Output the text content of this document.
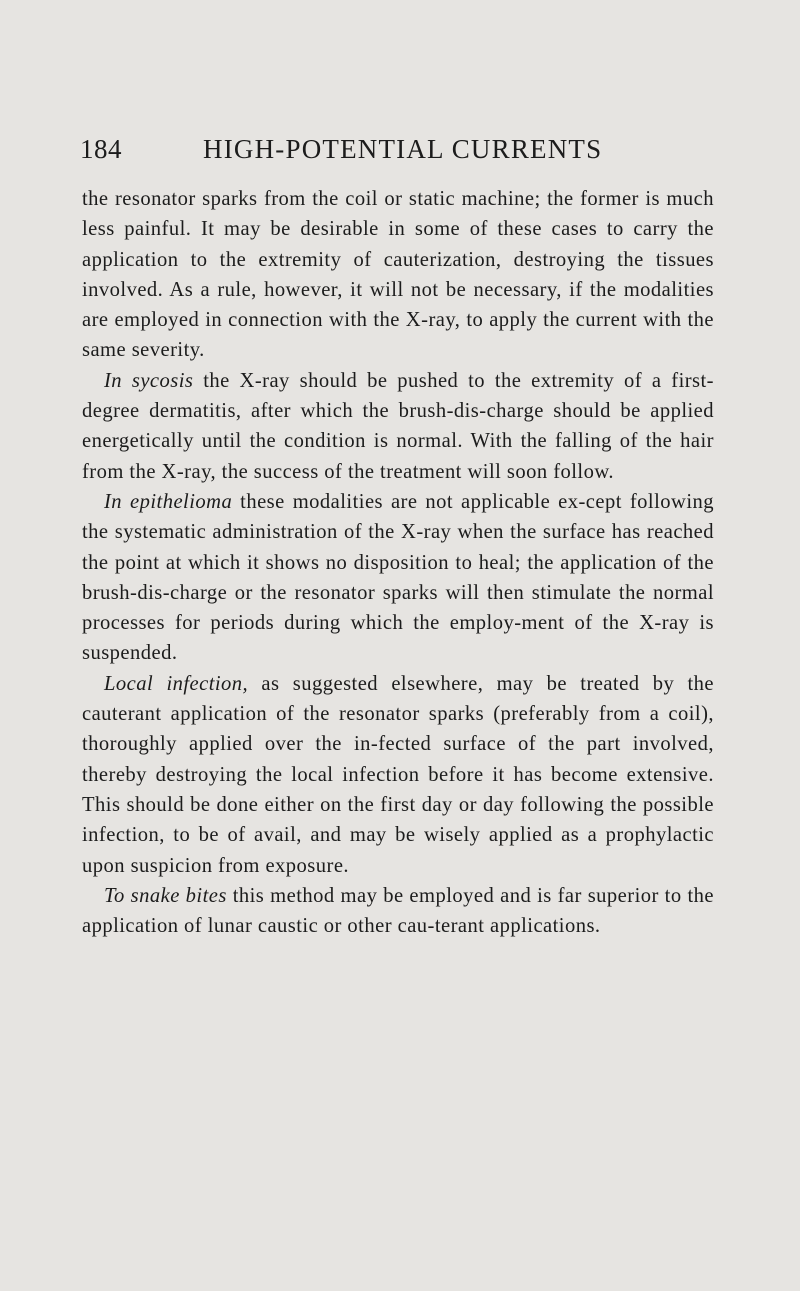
184	HIGH-POTENTIAL CURRENTS

the resonator sparks from the coil or static machine; the former is much less painful. It may be desirable in some of these cases to carry the application to the extremity of cauterization, destroying the tissues involved. As a rule, however, it will not be necessary, if the modalities are employed in connection with the X-ray, to apply the current with the same severity.

In sycosis the X-ray should be pushed to the extremity of a first-degree dermatitis, after which the brush-dis-charge should be applied energetically until the condition is normal. With the falling of the hair from the X-ray, the success of the treatment will soon follow.

In epithelioma these modalities are not applicable ex-cept following the systematic administration of the X-ray when the surface has reached the point at which it shows no disposition to heal; the application of the brush-dis-charge or the resonator sparks will then stimulate the normal processes for periods during which the employ-ment of the X-ray is suspended.

Local infection, as suggested elsewhere, may be treated by the cauterant application of the resonator sparks (preferably from a coil), thoroughly applied over the in-fected surface of the part involved, thereby destroying the local infection before it has become extensive. This should be done either on the first day or day following the possible infection, to be of avail, and may be wisely applied as a prophylactic upon suspicion from exposure.

To snake bites this method may be employed and is far superior to the application of lunar caustic or other cau-terant applications.
